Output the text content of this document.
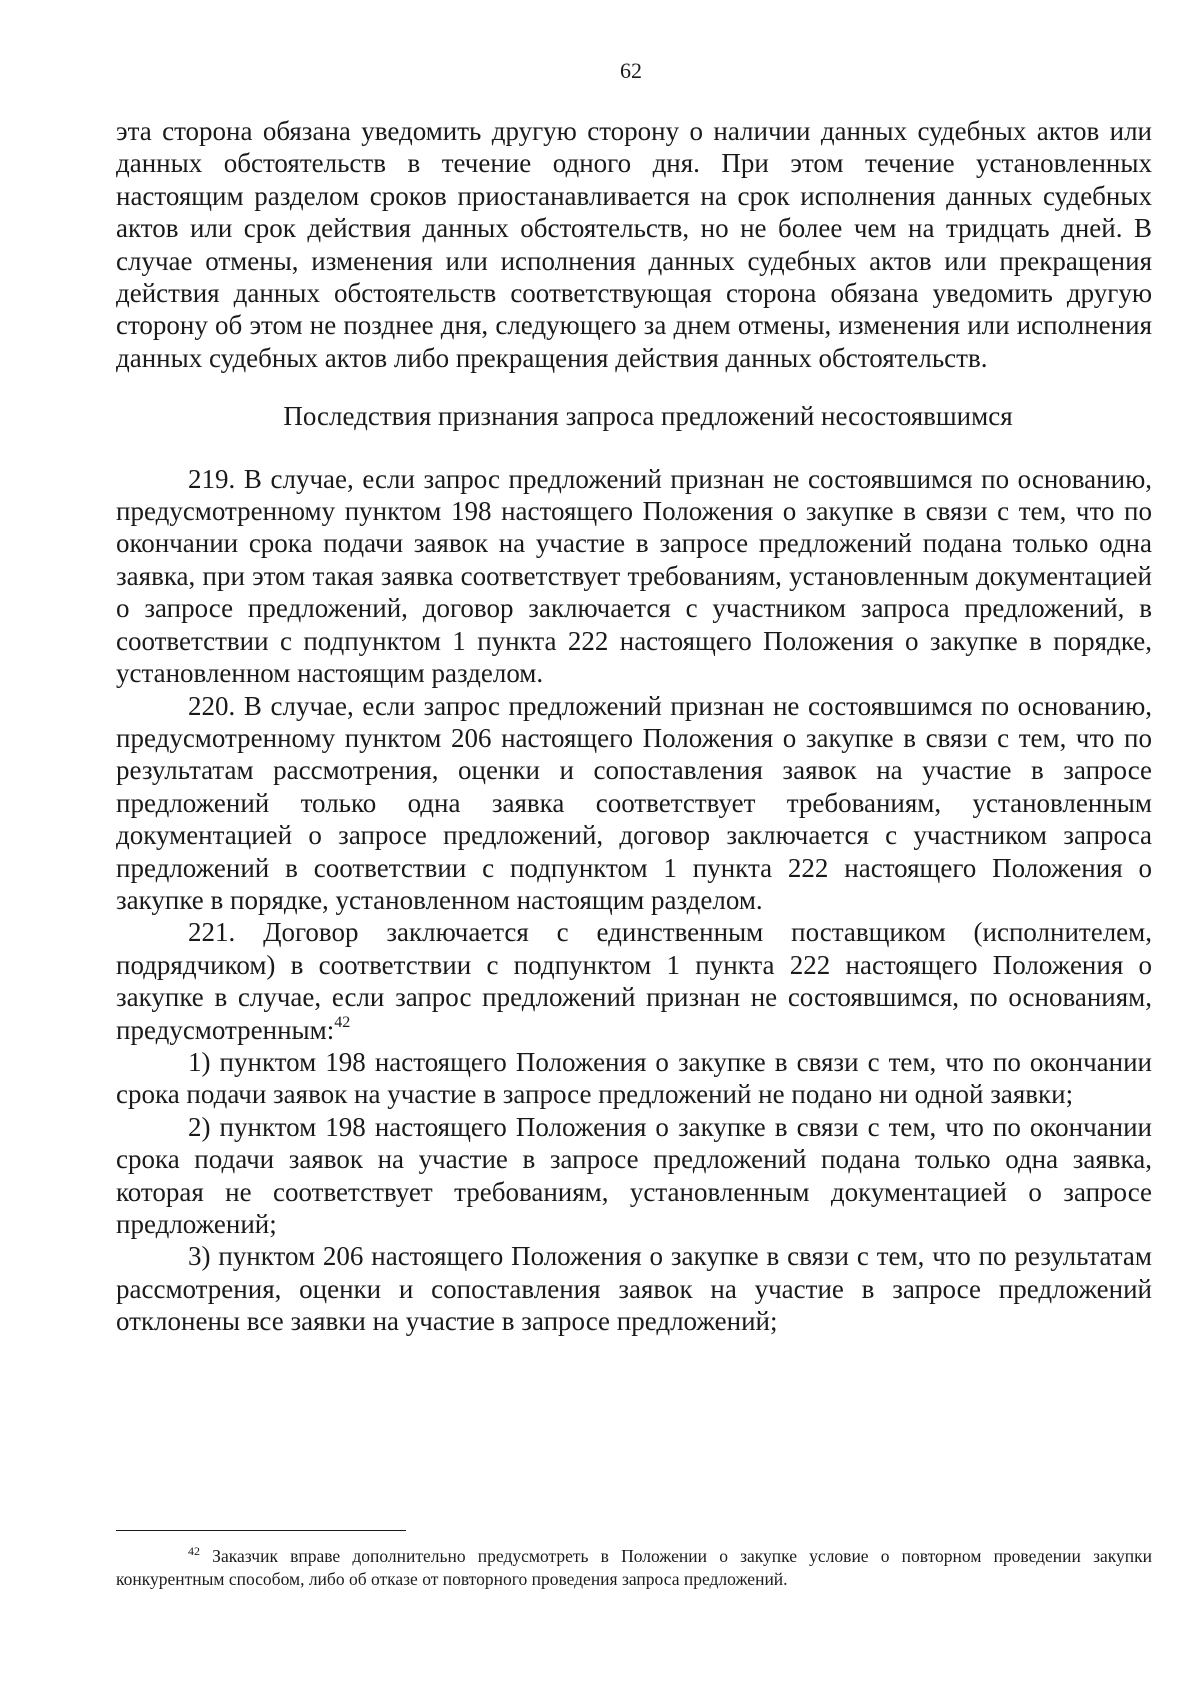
62

эта сторона обязана уведомить другую сторону о наличии данных судебных актов или данных обстоятельств в течение одного дня. При этом течение установленных настоящим разделом сроков приостанавливается на срок исполнения данных судебных актов или срок действия данных обстоятельств, но не более чем на тридцать дней. В случае отмены, изменения или исполнения данных судебных актов или прекращения действия данных обстоятельств соответствующая сторона обязана уведомить другую сторону об этом не позднее дня, следующего за днем отмены, изменения или исполнения данных судебных актов либо прекращения действия данных обстоятельств.

Последствия признания запроса предложений несостоявшимся

219. В случае, если запрос предложений признан не состоявшимся по основанию, предусмотренному пунктом 198 настоящего Положения о закупке в связи с тем, что по окончании срока подачи заявок на участие в запросе предложений подана только одна заявка, при этом такая заявка соответствует требованиям, установленным документацией о запросе предложений, договор заключается с участником запроса предложений, в соответствии с подпунктом 1 пункта 222 настоящего Положения о закупке в порядке, установленном настоящим разделом.

220. В случае, если запрос предложений признан не состоявшимся по основанию, предусмотренному пунктом 206 настоящего Положения о закупке в связи с тем, что по результатам рассмотрения, оценки и сопоставления заявок на участие в запросе предложений только одна заявка соответствует требованиям, установленным документацией о запросе предложений, договор заключается с участником запроса предложений в соответствии с подпунктом 1 пункта 222 настоящего Положения о закупке в порядке, установленном настоящим разделом.

221. Договор заключается с единственным поставщиком (исполнителем, подрядчиком) в соответствии с подпунктом 1 пункта 222 настоящего Положения о закупке в случае, если запрос предложений признан не состоявшимся, по основаниям, предусмотренным:$^{42}$

1) пунктом 198 настоящего Положения о закупке в связи с тем, что по окончании срока подачи заявок на участие в запросе предложений не подано ни одной заявки;

2) пунктом 198 настоящего Положения о закупке в связи с тем, что по окончании срока подачи заявок на участие в запросе предложений подана только одна заявка, которая не соответствует требованиям, установленным документацией о запросе предложений;

3) пунктом 206 настоящего Положения о закупке в связи с тем, что по результатам рассмотрения, оценки и сопоставления заявок на участие в запросе предложений отклонены все заявки на участие в запросе предложений;

$^{42}$ Заказчик вправе дополнительно предусмотреть в Положении о закупке условие о повторном проведении закупки конкурентным способом, либо об отказе от повторного проведения запроса предложений.
